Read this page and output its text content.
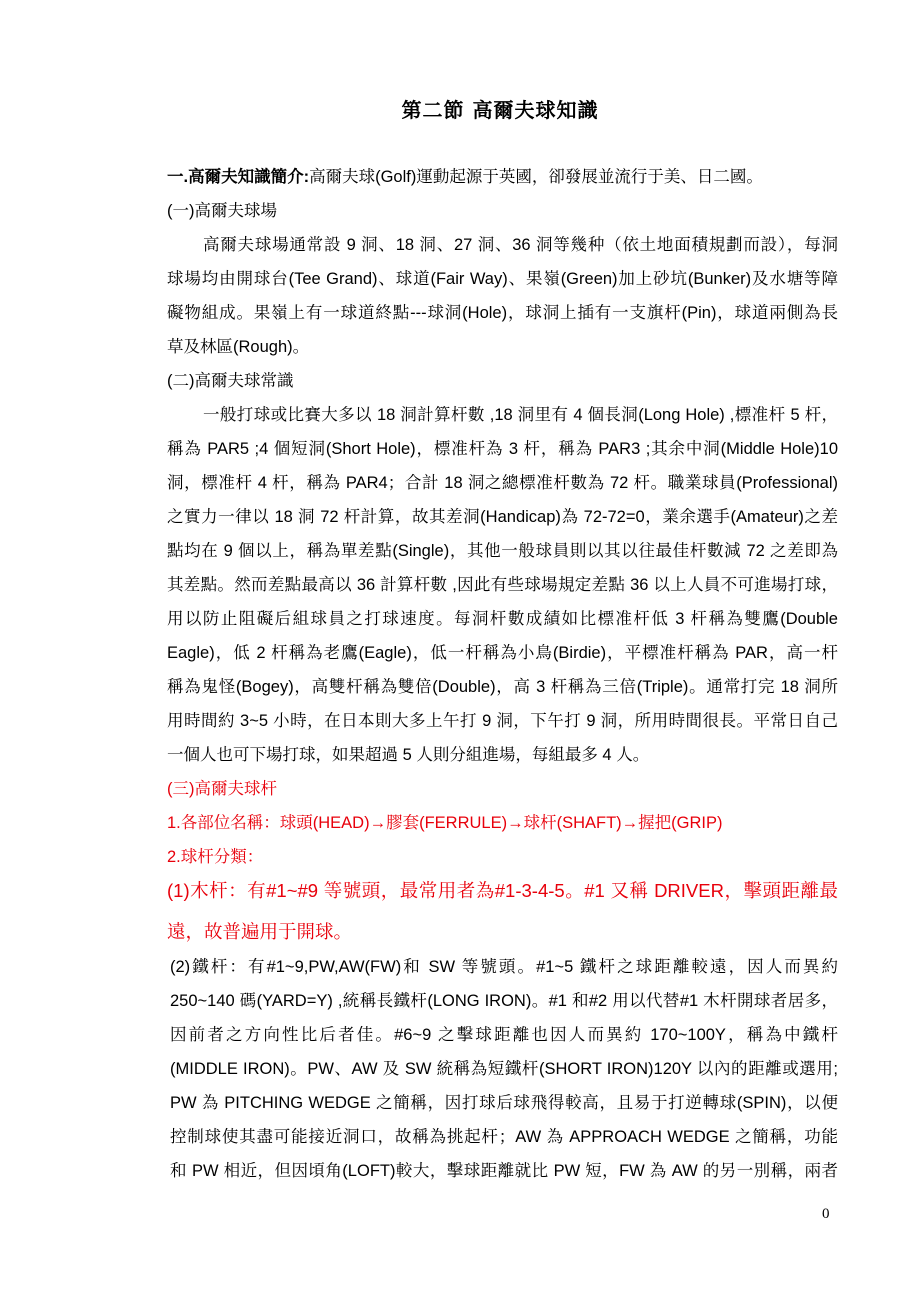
第二節 高爾夫球知識
一.高爾夫知識簡介:高爾夫球(Golf)運動起源于英國，卻發展並流行于美、日二國。
(一)高爾夫球場
高爾夫球場通常設 9 洞、18 洞、27 洞、36 洞等幾种（依土地面積規劃而設），每洞
球場均由開球台(Tee Grand)、球道(Fair Way)、果嶺(Green)加上砂坑(Bunker)及水塘等障
礙物組成。果嶺上有一球道終點---球洞(Hole)，球洞上插有一支旗杆(Pin)，球道兩側為長
草及林區(Rough)。
(二)高爾夫球常識
一般打球或比賽大多以 18 洞計算杆數 ,18 洞里有 4 個長洞(Long Hole) ,標准杆 5 杆，
稱為 PAR5 ;4 個短洞(Short Hole)，標准杆為 3 杆，稱為 PAR3 ;其余中洞(Middle Hole)10
洞，標准杆 4 杆，稱為 PAR4；合計 18 洞之總標准杆數為 72 杆。職業球員(Professional)
之實力一律以 18 洞 72 杆計算，故其差洞(Handicap)為 72-72=0，業余選手(Amateur)之差
點均在 9 個以上，稱為單差點(Single)，其他一般球員則以其以往最佳杆數減 72 之差即為
其差點。然而差點最高以 36 計算杆數 ,因此有些球場規定差點 36 以上人員不可進場打球，
用以防止阻礙后組球員之打球速度。每洞杆數成績如比標准杆低 3 杆稱為雙鷹(Double
Eagle)，低 2 杆稱為老鷹(Eagle)，低一杆稱為小鳥(Birdie)，平標准杆稱為 PAR，高一杆
稱為鬼怪(Bogey)，高雙杆稱為雙倍(Double)，高 3 杆稱為三倍(Triple)。通常打完 18 洞所
用時間約 3~5 小時，在日本則大多上午打 9 洞，下午打 9 洞，所用時間很長。平常日自己
一個人也可下場打球，如果超過 5 人則分組進場，每組最多 4 人。
(三)高爾夫球杆
1.各部位名稱：球頭(HEAD)→膠套(FERRULE)→球杆(SHAFT)→握把(GRIP)
2.球杆分類：
(1)木杆：有#1~#9 等號頭，最常用者為#1-3-4-5。#1 又稱 DRIVER，擊頭距離最
遠，故普遍用于開球。
(2)鐵杆：有#1~9,PW,AW(FW)和 SW 等號頭。#1~5 鐵杆之球距離較遠，因人而異約
250~140 碼(YARD=Y) ,統稱長鐵杆(LONG IRON)。#1 和#2 用以代替#1 木杆開球者居多，
因前者之方向性比后者佳。#6~9 之擊球距離也因人而異約 170~100Y，稱為中鐵杆
(MIDDLE IRON)。PW、AW 及 SW 統稱為短鐵杆(SHORT IRON)120Y 以內的距離或選用;
PW 為 PITCHING WEDGE 之簡稱，因打球后球飛得較高，且易于打逆轉球(SPIN)，以便
控制球使其盡可能接近洞口，故稱為挑起杆；AW 為 APPROACH WEDGE 之簡稱，功能
和 PW 相近，但因頃角(LOFT)較大，擊球距離就比 PW 短，FW 為 AW 的另一別稱，兩者
0
